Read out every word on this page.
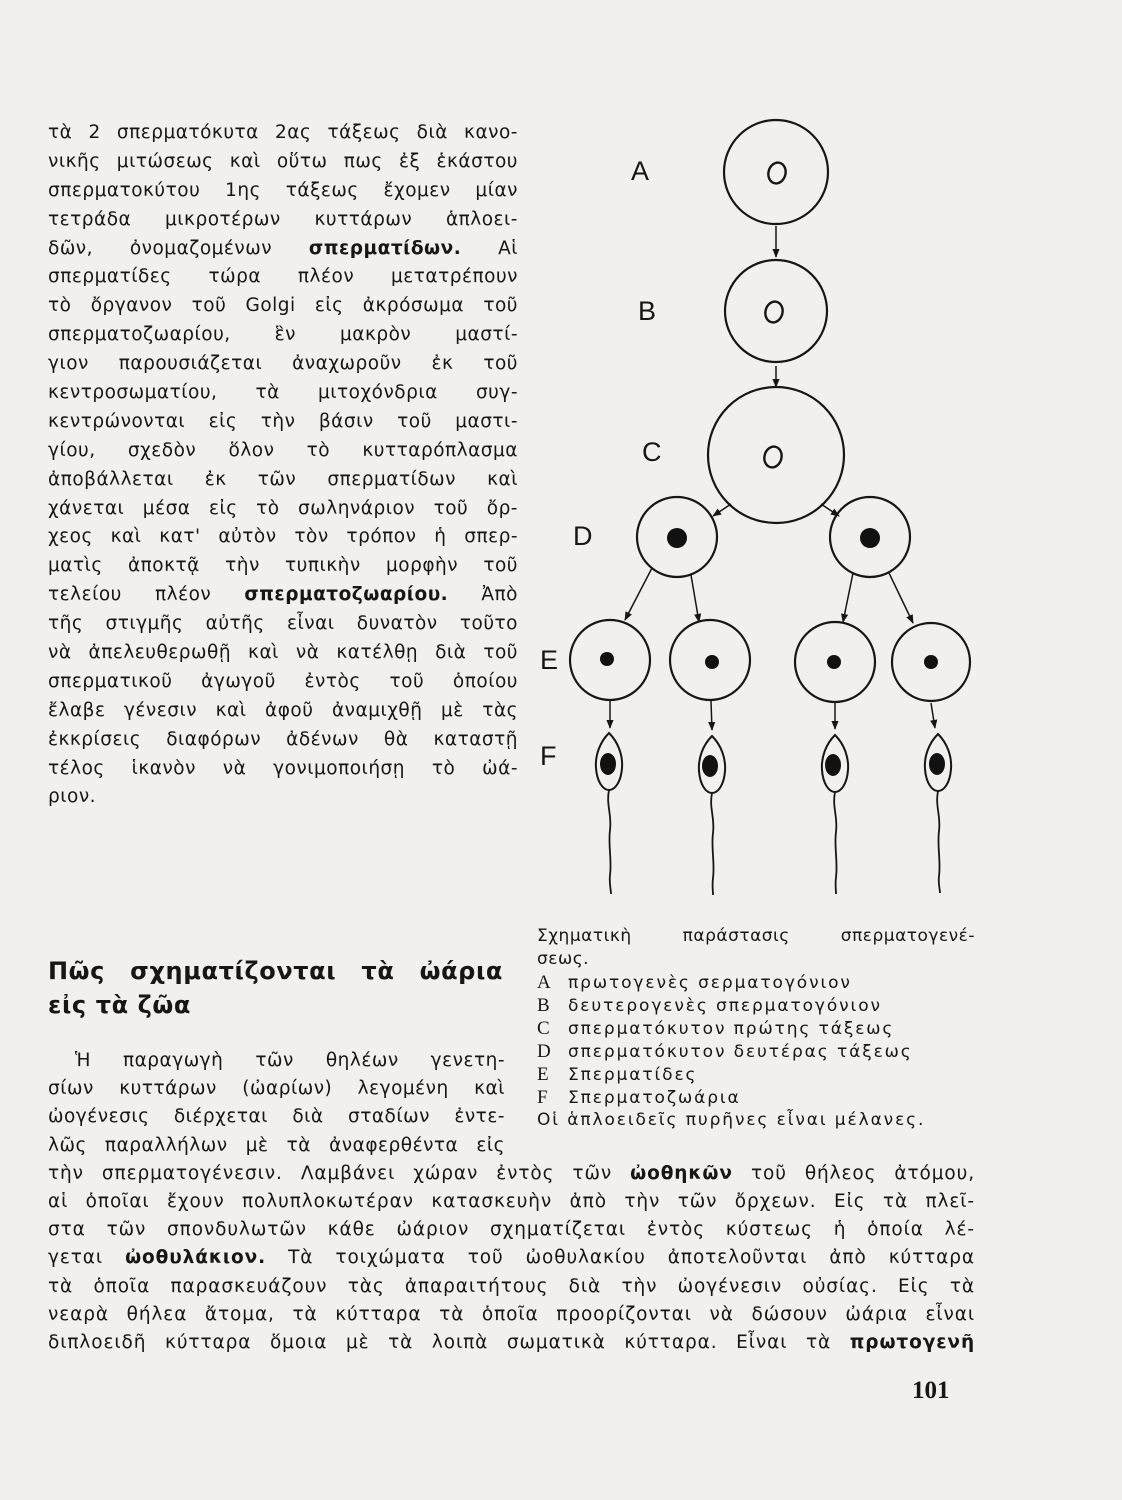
τὰ 2 σπερματόκυτα 2ας τάξεως διὰ κανο-
νικῆς μιτώσεως καὶ οὕτω πως ἐξ ἑκάστου
σπερματοκύτου 1ης τάξεως ἔχομεν μίαν
τετράδα μικροτέρων κυττάρων ἁπλοει-
δῶν, ὀνομαζομένων σπερματίδων. Αἱ
σπερματίδες τώρα πλέον μετατρέπουν
τὸ ὄργανον τοῦ Golgi εἰς ἀκρόσωμα τοῦ
σπερματοζωαρίου, ἓν μακρὸν μαστί-
γιον παρουσιάζεται ἀναχωροῦν ἐκ τοῦ
κεντροσωματίου, τὰ μιτοχόνδρια συγ-
κεντρώνονται εἰς τὴν βάσιν τοῦ μαστι-
γίου, σχεδὸν ὅλον τὸ κυτταρόπλασμα
ἀποβάλλεται ἐκ τῶν σπερματίδων καὶ
χάνεται μέσα εἰς τὸ σωληνάριον τοῦ ὄρ-
χεος καὶ κατ' αὐτὸν τὸν τρόπον ἡ σπερ-
ματὶς ἀποκτᾷ τὴν τυπικὴν μορφὴν τοῦ
τελείου πλέον σπερματοζωαρίου. Ἀπὸ
τῆς στιγμῆς αὐτῆς εἶναι δυνατὸν τοῦτο
νὰ ἀπελευθερωθῇ καὶ νὰ κατέλθῃ διὰ τοῦ
σπερματικοῦ ἀγωγοῦ ἐντὸς τοῦ ὁποίου
ἔλαβε γένεσιν καὶ ἀφοῦ ἀναμιχθῇ μὲ τὰς
ἐκκρίσεις διαφόρων ἀδένων θὰ καταστῇ
τέλος ἱκανὸν νὰ γονιμοποιήσῃ τὸ ὠά-
ριον.
A
B
C
D
E
F
Σχηματικὴ παράστασις σπερματογενέ-
σεως.
A πρωτογενὲς σερματογόνιον
B δευτερογενὲς σπερματογόνιον
C σπερματόκυτον πρώτης τάξεως
D σπερματόκυτον δευτέρας τάξεως
E Σπερματίδες
F Σπερματοζωάρια
Οἱ ἁπλοειδεῖς πυρῆνες εἶναι μέλανες.
Πῶς σχηματίζονται τὰ ὠάρια
εἰς τὰ ζῶα
Ἡ παραγωγὴ τῶν θηλέων γενετη-
σίων κυττάρων (ὠαρίων) λεγομένη καὶ
ὠογένεσις διέρχεται διὰ σταδίων ἐντε-
λῶς παραλλήλων μὲ τὰ ἀναφερθέντα εἰς
τὴν σπερματογένεσιν. Λαμβάνει χώραν ἐντὸς τῶν ὠοθηκῶν τοῦ θήλεος ἀτόμου,
αἱ ὁποῖαι ἔχουν πολυπλοκωτέραν κατασκευὴν ἀπὸ τὴν τῶν ὄρχεων. Εἰς τὰ πλεῖ-
στα τῶν σπονδυλωτῶν κάθε ὠάριον σχηματίζεται ἐντὸς κύστεως ἡ ὁποία λέ-
γεται ὠοθυλάκιον. Τὰ τοιχώματα τοῦ ὠοθυλακίου ἀποτελοῦνται ἀπὸ κύτταρα
τὰ ὁποῖα παρασκευάζουν τὰς ἀπαραιτήτους διὰ τὴν ὠογένεσιν οὐσίας. Εἰς τὰ
νεαρὰ θήλεα ἄτομα, τὰ κύτταρα τὰ ὁποῖα προορίζονται νὰ δώσουν ὠάρια εἶναι
διπλοειδῆ κύτταρα ὅμοια μὲ τὰ λοιπὰ σωματικὰ κύτταρα. Εἶναι τὰ πρωτογενῆ
101
